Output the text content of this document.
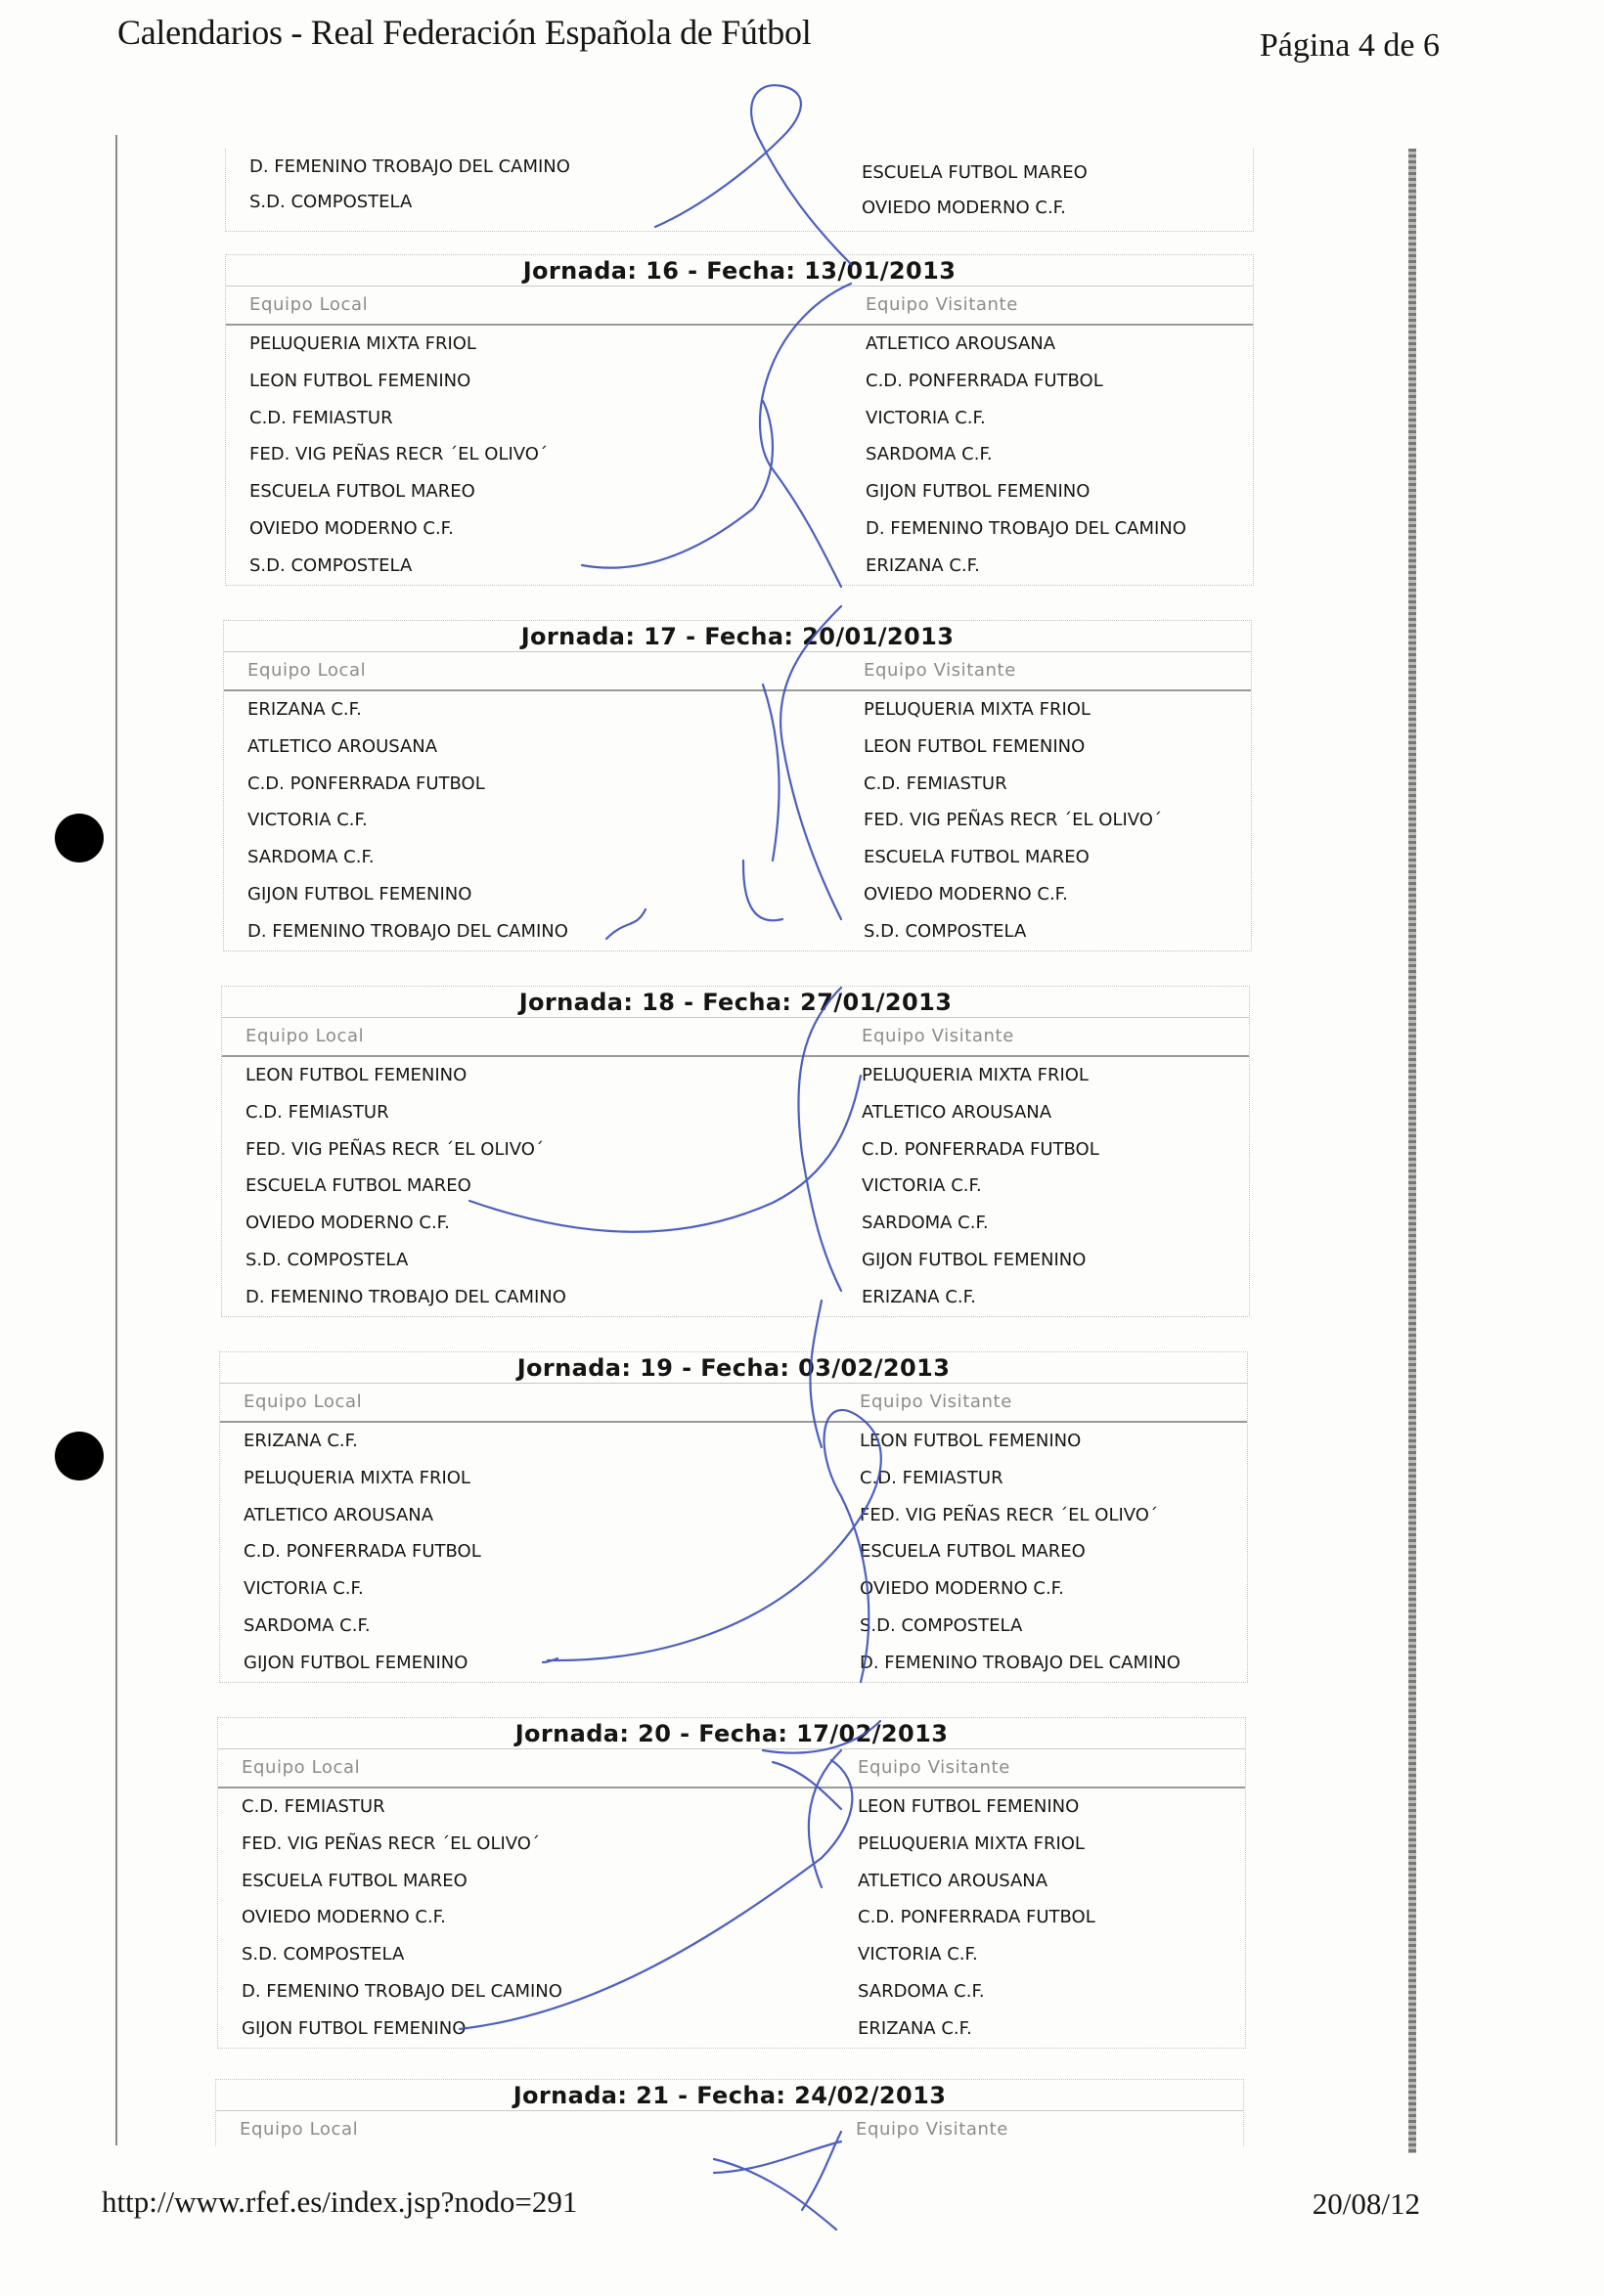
Calendarios - Real Federación Española de Fútbol	Página 4 de 6
D. FEMENINO TROBAJO DEL CAMINO	ESCUELA FUTBOL MAREO
S.D. COMPOSTELA	OVIEDO MODERNO C.F.
Jornada: 16 - Fecha: 13/01/2013
Equipo Local	Equipo Visitante
PELUQUERIA MIXTA FRIOL	ATLETICO AROUSANA
LEON FUTBOL FEMENINO	C.D. PONFERRADA FUTBOL
C.D. FEMIASTUR	VICTORIA C.F.
FED. VIG PEÑAS RECR ´EL OLIVO´	SARDOMA C.F.
ESCUELA FUTBOL MAREO	GIJON FUTBOL FEMENINO
OVIEDO MODERNO C.F.	D. FEMENINO TROBAJO DEL CAMINO
S.D. COMPOSTELA	ERIZANA C.F.
Jornada: 17 - Fecha: 20/01/2013
Equipo Local	Equipo Visitante
ERIZANA C.F.	PELUQUERIA MIXTA FRIOL
ATLETICO AROUSANA	LEON FUTBOL FEMENINO
C.D. PONFERRADA FUTBOL	C.D. FEMIASTUR
VICTORIA C.F.	FED. VIG PEÑAS RECR ´EL OLIVO´
SARDOMA C.F.	ESCUELA FUTBOL MAREO
GIJON FUTBOL FEMENINO	OVIEDO MODERNO C.F.
D. FEMENINO TROBAJO DEL CAMINO	S.D. COMPOSTELA
Jornada: 18 - Fecha: 27/01/2013
Equipo Local	Equipo Visitante
LEON FUTBOL FEMENINO	PELUQUERIA MIXTA FRIOL
C.D. FEMIASTUR	ATLETICO AROUSANA
FED. VIG PEÑAS RECR ´EL OLIVO´	C.D. PONFERRADA FUTBOL
ESCUELA FUTBOL MAREO	VICTORIA C.F.
OVIEDO MODERNO C.F.	SARDOMA C.F.
S.D. COMPOSTELA	GIJON FUTBOL FEMENINO
D. FEMENINO TROBAJO DEL CAMINO	ERIZANA C.F.
Jornada: 19 - Fecha: 03/02/2013
Equipo Local	Equipo Visitante
ERIZANA C.F.	LEON FUTBOL FEMENINO
PELUQUERIA MIXTA FRIOL	C.D. FEMIASTUR
ATLETICO AROUSANA	FED. VIG PEÑAS RECR ´EL OLIVO´
C.D. PONFERRADA FUTBOL	ESCUELA FUTBOL MAREO
VICTORIA C.F.	OVIEDO MODERNO C.F.
SARDOMA C.F.	S.D. COMPOSTELA
GIJON FUTBOL FEMENINO	D. FEMENINO TROBAJO DEL CAMINO
Jornada: 20 - Fecha: 17/02/2013
Equipo Local	Equipo Visitante
C.D. FEMIASTUR	LEON FUTBOL FEMENINO
FED. VIG PEÑAS RECR ´EL OLIVO´	PELUQUERIA MIXTA FRIOL
ESCUELA FUTBOL MAREO	ATLETICO AROUSANA
OVIEDO MODERNO C.F.	C.D. PONFERRADA FUTBOL
S.D. COMPOSTELA	VICTORIA C.F.
D. FEMENINO TROBAJO DEL CAMINO	SARDOMA C.F.
GIJON FUTBOL FEMENINO	ERIZANA C.F.
Jornada: 21 - Fecha: 24/02/2013
Equipo Local	Equipo Visitante
http://www.rfef.es/index.jsp?nodo=291	20/08/12
